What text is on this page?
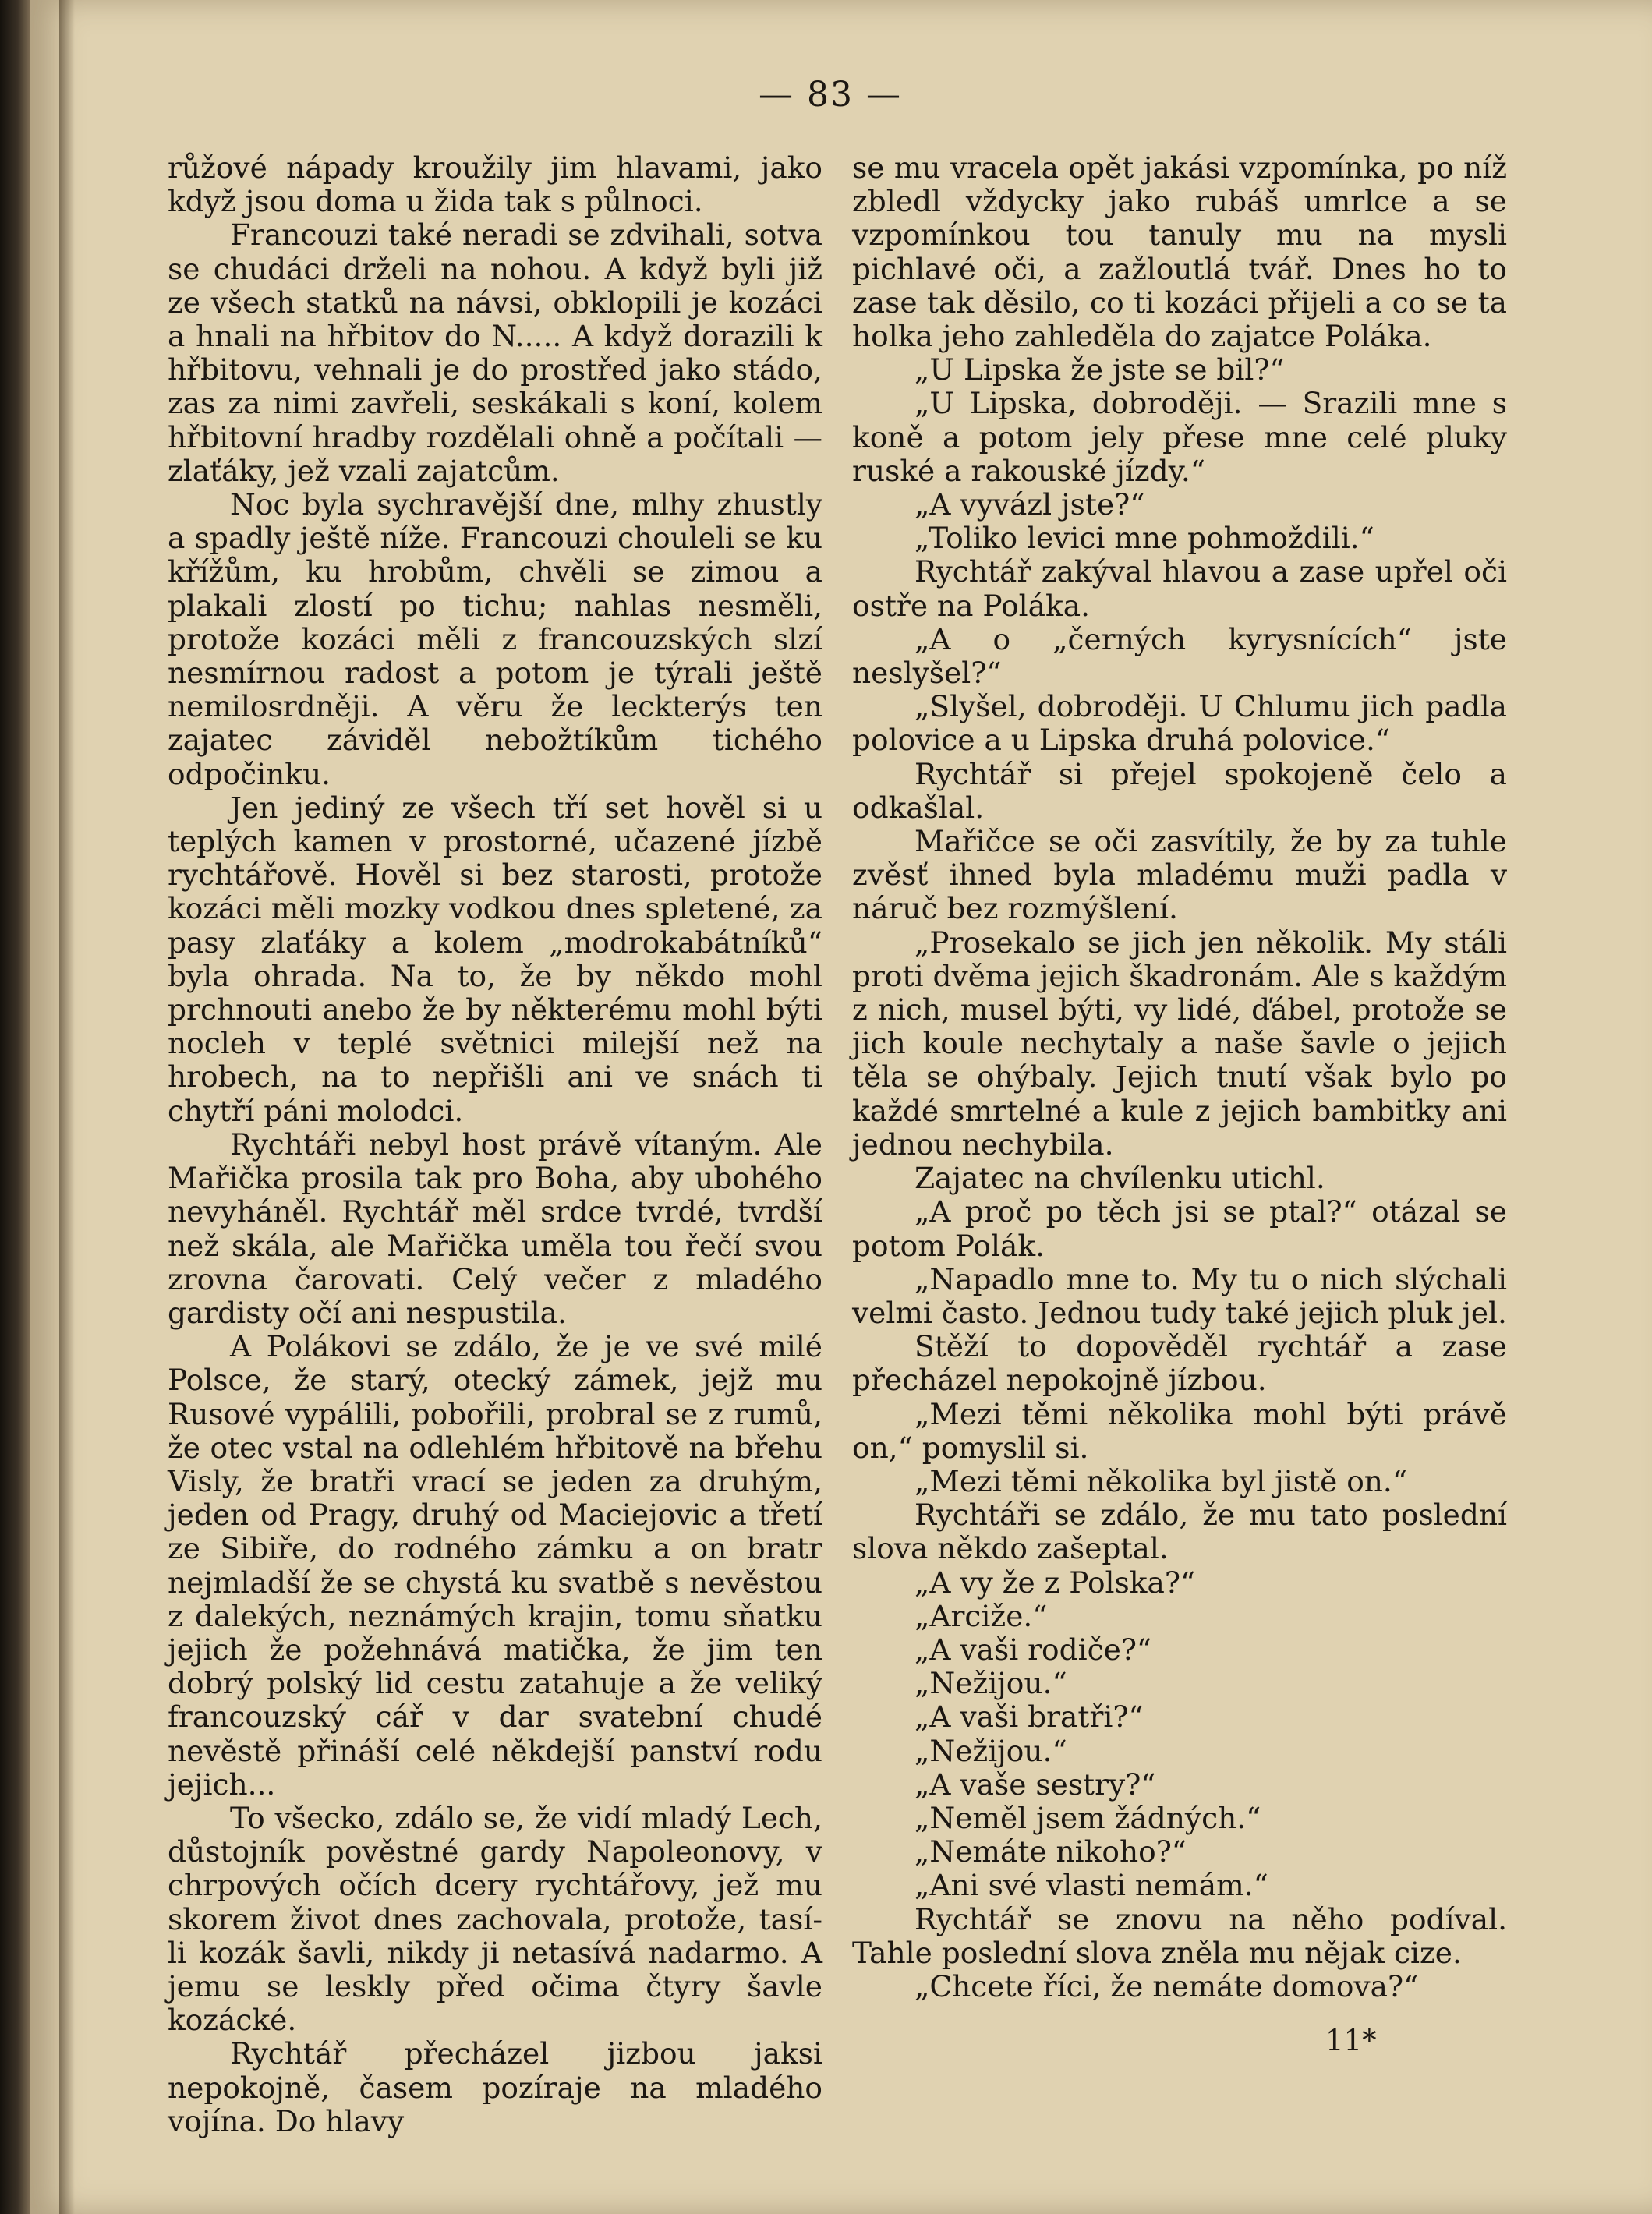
— 83 —

růžové nápady kroužily jim hlavami, jako když jsou doma u žida tak s půlnoci.

Francouzi také neradi se zdvihali, sotva se chudáci drželi na nohou. A když byli již ze všech statků na návsi, obklopili je kozáci a hnali na hřbitov do N..... A když dorazili k hřbitovu, vehnali je do prostřed jako stádo, zas za nimi zavřeli, seskákali s koní, kolem hřbitovní hradby rozdělali ohně a počítali — zlaťáky, jež vzali zajatcům.

Noc byla sychravější dne, mlhy zhustly a spadly ještě níže. Francouzi chouleli se ku křížům, ku hrobům, chvěli se zimou a plakali zlostí po tichu; nahlas nesměli, protože kozáci měli z francouzských slzí nesmírnou radost a potom je týrali ještě nemilosrdněji. A věru že leckterýs ten zajatec záviděl nebožtíkům tichého odpočinku.

Jen jediný ze všech tří set hověl si u teplých kamen v prostorné, učazené jízbě rychtářově. Hověl si bez starosti, protože kozáci měli mozky vodkou dnes spletené, za pasy zlaťáky a kolem „modrokabátníků“ byla ohrada. Na to, že by někdo mohl prchnouti anebo že by některému mohl býti nocleh v teplé světnici milejší než na hrobech, na to nepřišli ani ve snách ti chytří páni molodci.

Rychtáři nebyl host právě vítaným. Ale Mařička prosila tak pro Boha, aby ubohého nevyháněl. Rychtář měl srdce tvrdé, tvrdší než skála, ale Mařička uměla tou řečí svou zrovna čarovati. Celý večer z mladého gardisty očí ani nespustila.

A Polákovi se zdálo, že je ve své milé Polsce, že starý, otecký zámek, jejž mu Rusové vypálili, pobořili, probral se z rumů, že otec vstal na odlehlém hřbitově na břehu Visly, že bratři vrací se jeden za druhým, jeden od Pragy, druhý od Maciejovic a třetí ze Sibiře, do rodného zámku a on bratr nejmladší že se chystá ku svatbě s nevěstou z dalekých, neznámých krajin, tomu sňatku jejich že požehnává matička, že jim ten dobrý polský lid cestu zatahuje a že veliký francouzský cář v dar svatební chudé nevěstě přináší celé někdejší panství rodu jejich...

To všecko, zdálo se, že vidí mladý Lech, důstojník pověstné gardy Napoleonovy, v chrpových očích dcery rychtářovy, jež mu skorem život dnes zachovala, protože, tasí-li kozák šavli, nikdy ji netasívá nadarmo. A jemu se leskly před očima čtyry šavle kozácké.

Rychtář přecházel jizbou jaksi nepokojně, časem pozíraje na mladého vojína. Do hlavy

se mu vracela opět jakási vzpomínka, po níž zbledl vždycky jako rubáš umrlce a se vzpomínkou tou tanuly mu na mysli pichlavé oči, a zažloutlá tvář. Dnes ho to zase tak děsilo, co ti kozáci přijeli a co se ta holka jeho zahleděla do zajatce Poláka.

„U Lipska že jste se bil?“

„U Lipska, dobroději. — Srazili mne s koně a potom jely přese mne celé pluky ruské a rakouské jízdy.“

„A vyvázl jste?“

„Toliko levici mne pohmoždili.“

Rychtář zakýval hlavou a zase upřel oči ostře na Poláka.

„A o „černých kyrysnících“ jste neslyšel?“

„Slyšel, dobroději. U Chlumu jich padla polovice a u Lipska druhá polovice.“

Rychtář si přejel spokojeně čelo a odkašlal.

Mařičce se oči zasvítily, že by za tuhle zvěsť ihned byla mladému muži padla v náruč bez rozmýšlení.

„Prosekalo se jich jen několik. My stáli proti dvěma jejich škadronám. Ale s každým z nich, musel býti, vy lidé, ďábel, protože se jich koule nechytaly a naše šavle o jejich těla se ohýbaly. Jejich tnutí však bylo po každé smrtelné a kule z jejich bambitky ani jednou nechybila.

Zajatec na chvílenku utichl.

„A proč po těch jsi se ptal?“ otázal se potom Polák.

„Napadlo mne to. My tu o nich slýchali velmi často. Jednou tudy také jejich pluk jel.

Stěží to dopověděl rychtář a zase přecházel nepokojně jízbou.

„Mezi těmi několika mohl býti právě on,“ pomyslil si.

„Mezi těmi několika byl jistě on.“

Rychtáři se zdálo, že mu tato poslední slova někdo zašeptal.

„A vy že z Polska?“

„Arciže.“

„A vaši rodiče?“

„Nežijou.“

„A vaši bratři?“

„Nežijou.“

„A vaše sestry?“

„Neměl jsem žádných.“

„Nemáte nikoho?“

„Ani své vlasti nemám.“

Rychtář se znovu na něho podíval. Tahle poslední slova zněla mu nějak cize.

„Chcete říci, že nemáte domova?“

11*
